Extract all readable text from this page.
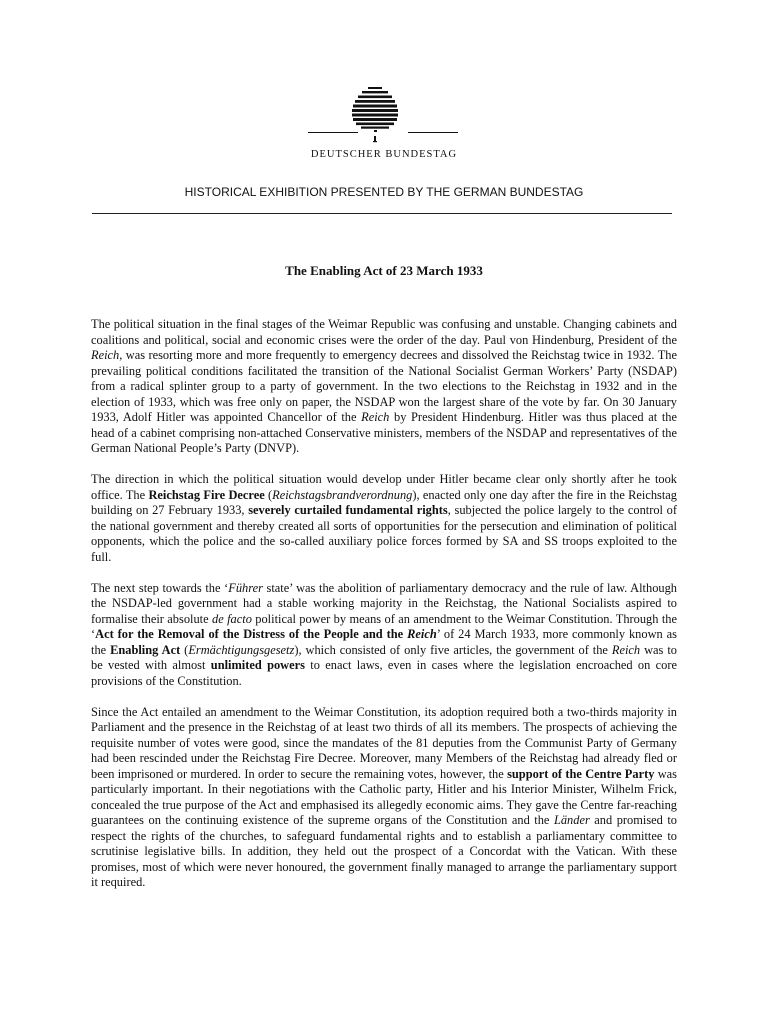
DEUTSCHER BUNDESTAG
HISTORICAL EXHIBITION PRESENTED BY THE GERMAN BUNDESTAG
The Enabling Act of 23 March 1933

The political situation in the final stages of the Weimar Republic was confusing and unstable. Changing cabinets and coalitions and political, social and economic crises were the order of the day. Paul von Hindenburg, President of the Reich, was resorting more and more frequently to emergency decrees and dissolved the Reichstag twice in 1932. The prevailing political conditions facilitated the transition of the National Socialist German Workers’ Party (NSDAP) from a radical splinter group to a party of government. In the two elections to the Reichstag in 1932 and in the election of 1933, which was free only on paper, the NSDAP won the largest share of the vote by far. On 30 January 1933, Adolf Hitler was appointed Chancellor of the Reich by President Hindenburg. Hitler was thus placed at the head of a cabinet comprising non-attached Conservative ministers, members of the NSDAP and representatives of the German National People’s Party (DNVP).

The direction in which the political situation would develop under Hitler became clear only shortly after he took office. The Reichstag Fire Decree (Reichstagsbrandverordnung), enacted only one day after the fire in the Reichstag building on 27 February 1933, severely curtailed fundamental rights, subjected the police largely to the control of the national government and thereby created all sorts of opportunities for the persecution and elimination of political opponents, which the police and the so-called auxiliary police forces formed by SA and SS troops exploited to the full.

The next step towards the ‘Führer state’ was the abolition of parliamentary democracy and the rule of law. Although the NSDAP-led government had a stable working majority in the Reichstag, the National Socialists aspired to formalise their absolute de facto political power by means of an amendment to the Weimar Constitution. Through the ‘Act for the Removal of the Distress of the People and the Reich’ of 24 March 1933, more commonly known as the Enabling Act (Ermächtigungsgesetz), which consisted of only five articles, the government of the Reich was to be vested with almost unlimited powers to enact laws, even in cases where the legislation encroached on core provisions of the Constitution.

Since the Act entailed an amendment to the Weimar Constitution, its adoption required both a two-thirds majority in Parliament and the presence in the Reichstag of at least two thirds of all its members. The prospects of achieving the requisite number of votes were good, since the mandates of the 81 deputies from the Communist Party of Germany had been rescinded under the Reichstag Fire Decree. Moreover, many Members of the Reichstag had already fled or been imprisoned or murdered. In order to secure the remaining votes, however, the support of the Centre Party was particularly important. In their negotiations with the Catholic party, Hitler and his Interior Minister, Wilhelm Frick, concealed the true purpose of the Act and emphasised its allegedly economic aims. They gave the Centre far-reaching guarantees on the continuing existence of the supreme organs of the Constitution and the Länder and promised to respect the rights of the churches, to safeguard fundamental rights and to establish a parliamentary committee to scrutinise legislative bills. In addition, they held out the prospect of a Concordat with the Vatican. With these promises, most of which were never honoured, the government finally managed to arrange the parliamentary support it required.
